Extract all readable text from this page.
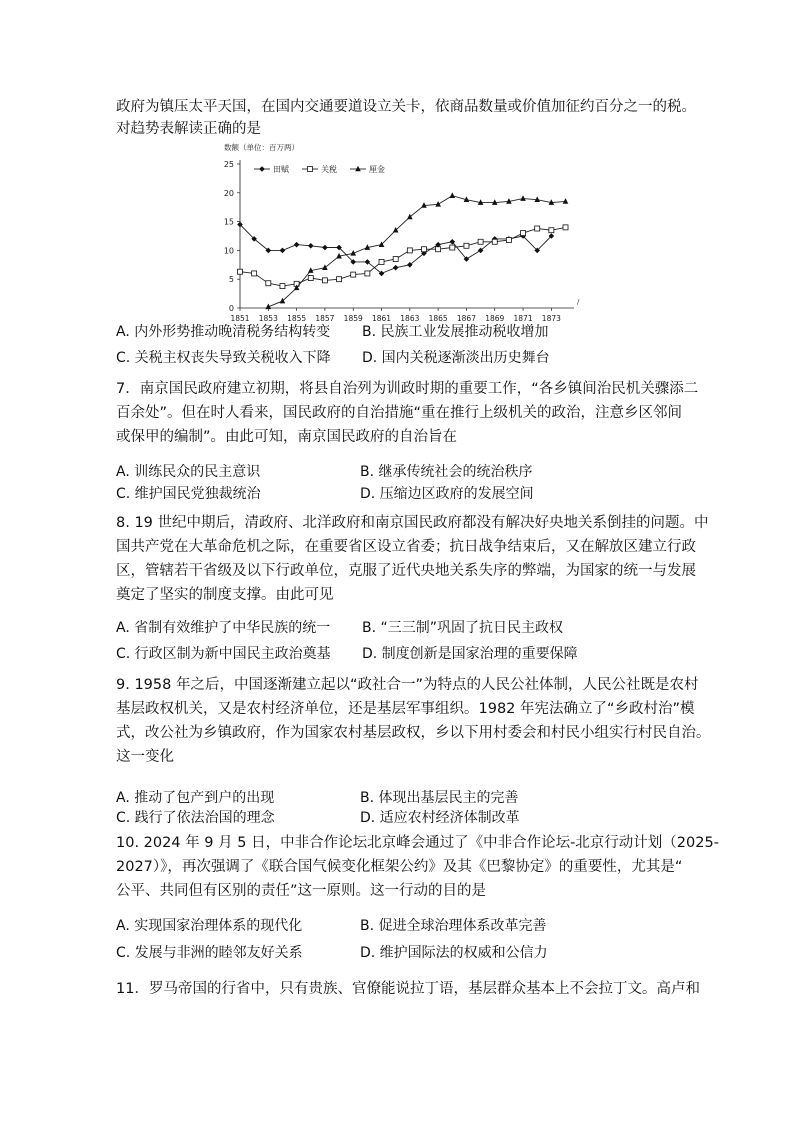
政府为镇压太平天国，在国内交通要道设立关卡，依商品数量或价值加征约百分之一的税。
对趋势表解读正确的是
/
数额（单位：百万两）
0
5
10
15
20
25
1851 1853 1855 1857 1859 1861 1863 1865 1867 1869 1871 1873
田赋	关税	厘金
A. 内外形势推动晚清税务结构转变 B. 民族工业发展推动税收增加
C. 关税主权丧失导致关税收入下降 D. 国内关税逐渐淡出历史舞台
7．南京国民政府建立初期，将县自治列为训政时期的重要工作，“各乡镇间治民机关骤添二
百余处”。但在时人看来，国民政府的自治措施“重在推行上级机关的政治，注意乡区邻间
或保甲的编制”。由此可知，南京国民政府的自治旨在
A. 训练民众的民主意识	B. 继承传统社会的统治秩序
C. 维护国民党独裁统治	D. 压缩边区政府的发展空间
8. 19 世纪中期后，清政府、北洋政府和南京国民政府都没有解决好央地关系倒挂的问题。中
国共产党在大革命危机之际，在重要省区设立省委；抗日战争结束后，又在解放区建立行政
区，管辖若干省级及以下行政单位，克服了近代央地关系失序的弊端，为国家的统一与发展
奠定了坚实的制度支撑。由此可见
A. 省制有效维护了中华民族的统一 B. “三三制”巩固了抗日民主政权
C. 行政区制为新中国民主政治奠基 D. 制度创新是国家治理的重要保障
9. 1958 年之后，中国逐渐建立起以“政社合一”为特点的人民公社体制，人民公社既是农村
基层政权机关，又是农村经济单位，还是基层军事组织。1982 年宪法确立了“乡政村治”模
式，改公社为乡镇政府，作为国家农村基层政权，乡以下用村委会和村民小组实行村民自治。
这一变化
A. 推动了包产到户的出现	B. 体现出基层民主的完善
C. 践行了依法治国的理念	D. 适应农村经济体制改革
10. 2024 年 9 月 5 日，中非合作论坛北京峰会通过了《中非合作论坛-北京行动计划（2025-
2027）》，再次强调了《联合国气候变化框架公约》及其《巴黎协定》的重要性，尤其是“
公平、共同但有区别的责任”这一原则。这一行动的目的是
A. 实现国家治理体系的现代化	B. 促进全球治理体系改革完善
C. 发展与非洲的睦邻友好关系	D. 维护国际法的权威和公信力
11．罗马帝国的行省中，只有贵族、官僚能说拉丁语，基层群众基本上不会拉丁文。高卢和
